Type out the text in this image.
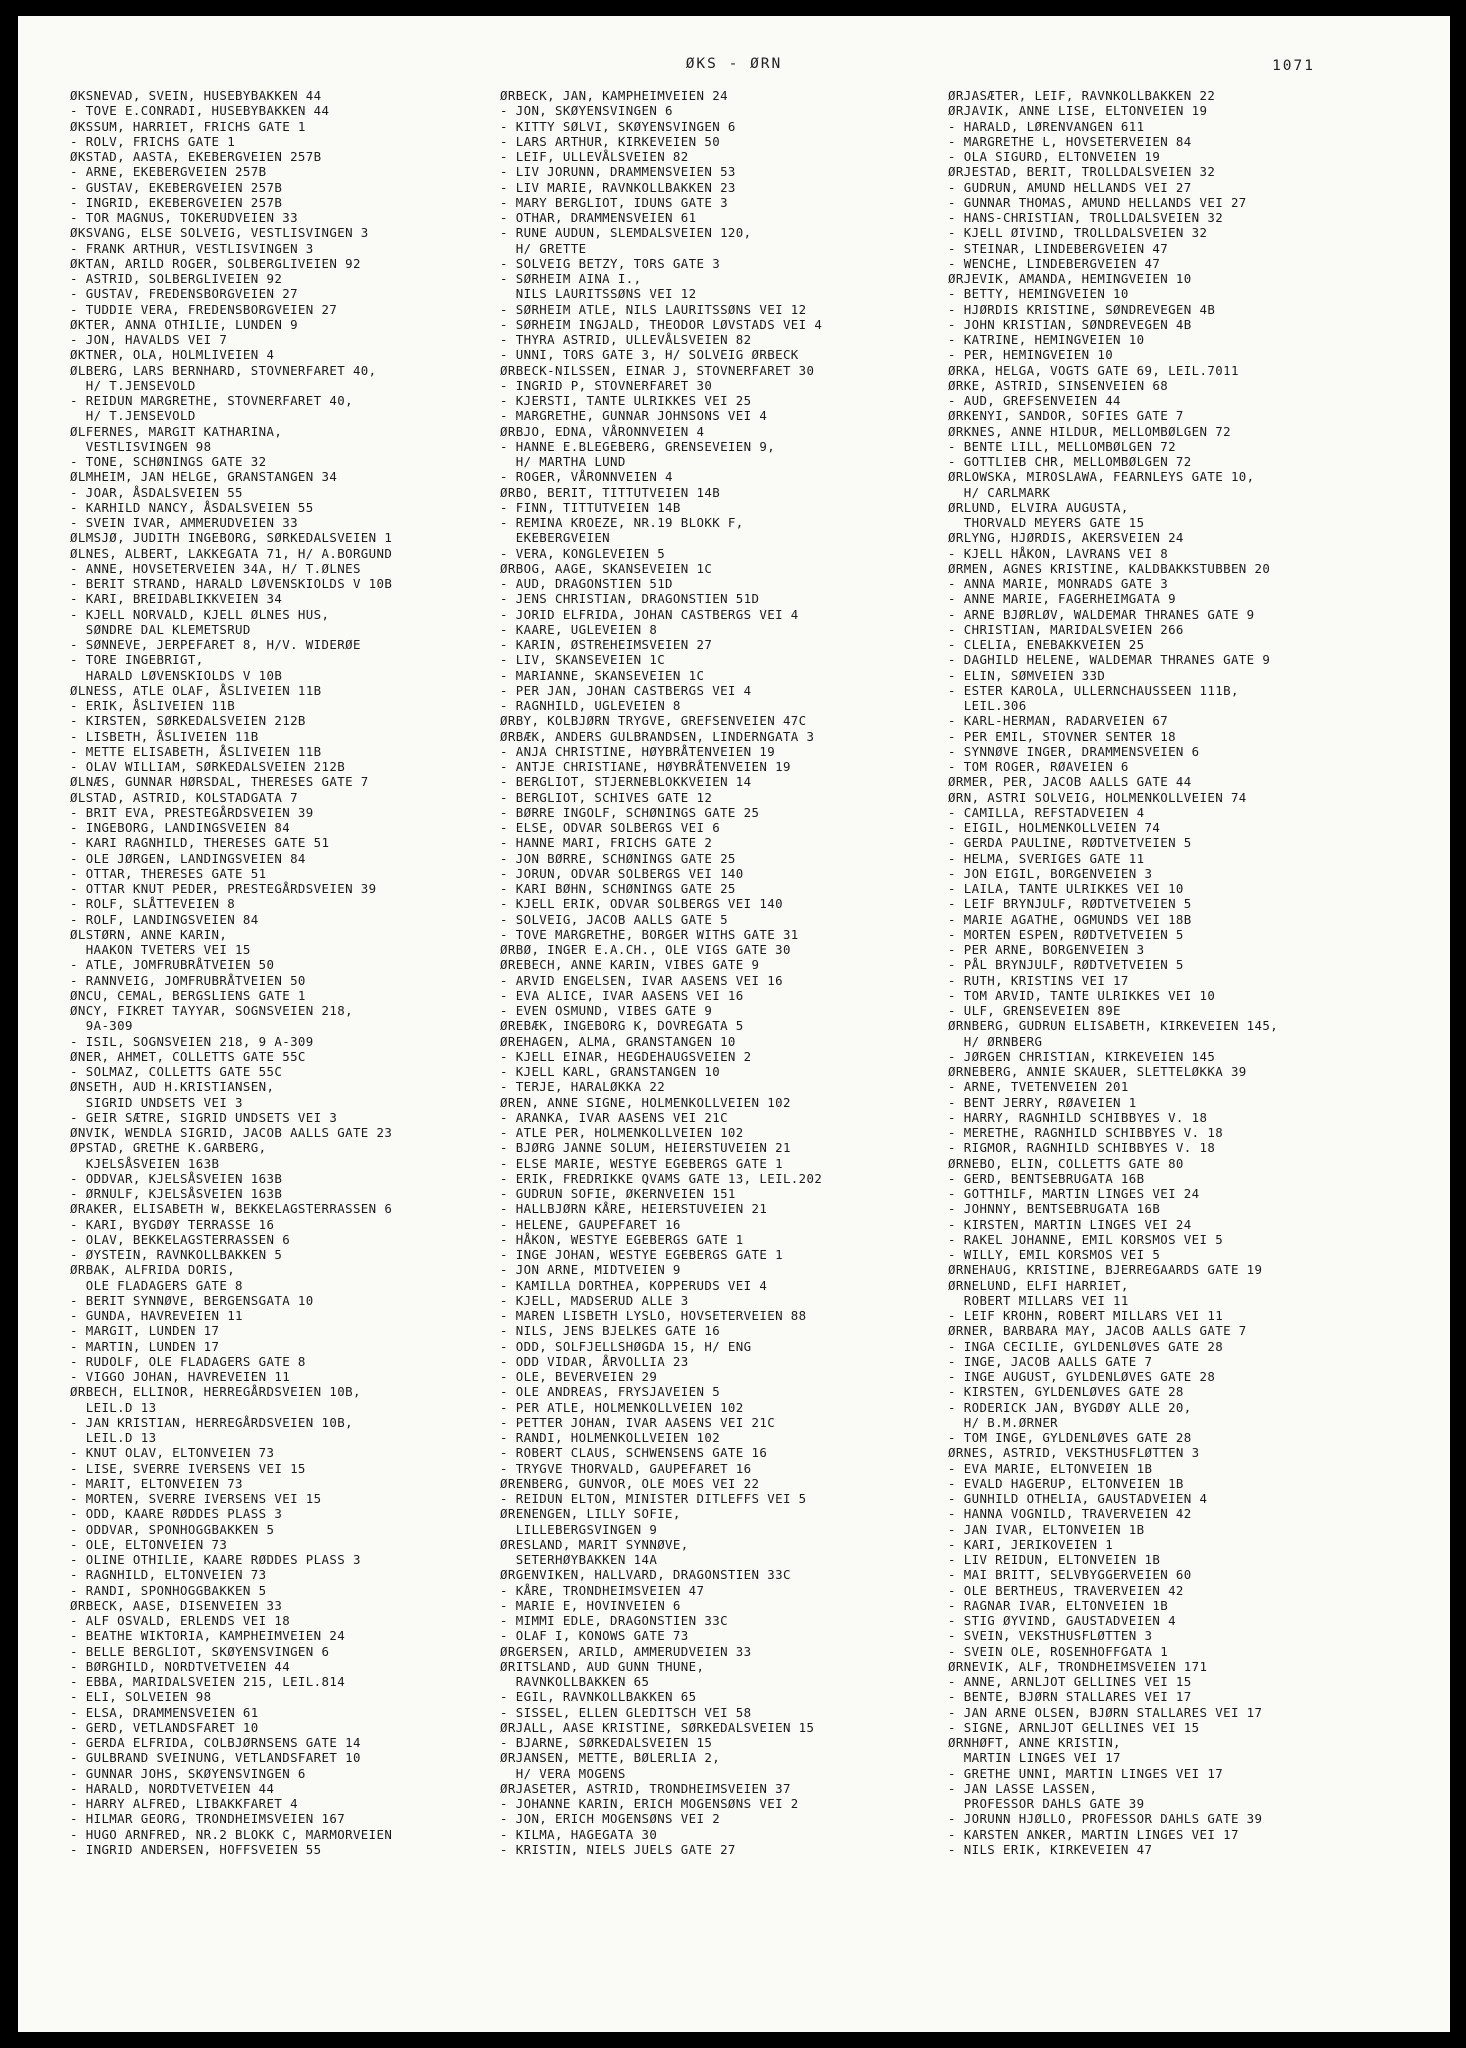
ØKS - ØRN	1071
ØKSNEVAD, SVEIN, HUSEBYBAKKEN 44
- TOVE E.CONRADI, HUSEBYBAKKEN 44
ØKSSUM, HARRIET, FRICHS GATE 1
- ROLV, FRICHS GATE 1
ØKSTAD, AASTA, EKEBERGVEIEN 257B
- ARNE, EKEBERGVEIEN 257B
- GUSTAV, EKEBERGVEIEN 257B
- INGRID, EKEBERGVEIEN 257B
- TOR MAGNUS, TOKERUDVEIEN 33
ØKSVANG, ELSE SOLVEIG, VESTLISVINGEN 3
- FRANK ARTHUR, VESTLISVINGEN 3
ØKTAN, ARILD ROGER, SOLBERGLIVEIEN 92
- ASTRID, SOLBERGLIVEIEN 92
- GUSTAV, FREDENSBORGVEIEN 27
- TUDDIE VERA, FREDENSBORGVEIEN 27
ØKTER, ANNA OTHILIE, LUNDEN 9
- JON, HAVALDS VEI 7
ØKTNER, OLA, HOLMLIVEIEN 4
ØLBERG, LARS BERNHARD, STOVNERFARET 40,
H/ T.JENSEVOLD
- REIDUN MARGRETHE, STOVNERFARET 40,
H/ T.JENSEVOLD
ØLFERNES, MARGIT KATHARINA,
VESTLISVINGEN 98
- TONE, SCHØNINGS GATE 32
ØLMHEIM, JAN HELGE, GRANSTANGEN 34
- JOAR, ÅSDALSVEIEN 55
- KARHILD NANCY, ÅSDALSVEIEN 55
- SVEIN IVAR, AMMERUDVEIEN 33
ØLMSJØ, JUDITH INGEBORG, SØRKEDALSVEIEN 1
ØLNES, ALBERT, LAKKEGATA 71, H/ A.BORGUND
- ANNE, HOVSETERVEIEN 34A, H/ T.ØLNES
- BERIT STRAND, HARALD LØVENSKIOLDS V 10B
- KARI, BREIDABLIKKVEIEN 34
- KJELL NORVALD, KJELL ØLNES HUS,
SØNDRE DAL KLEMETSRUD
- SØNNEVE, JERPEFARET 8, H/V. WIDERØE
- TORE INGEBRIGT,
HARALD LØVENSKIOLDS V 10B
ØLNESS, ATLE OLAF, ÅSLIVEIEN 11B
- ERIK, ÅSLIVEIEN 11B
- KIRSTEN, SØRKEDALSVEIEN 212B
- LISBETH, ÅSLIVEIEN 11B
- METTE ELISABETH, ÅSLIVEIEN 11B
- OLAV WILLIAM, SØRKEDALSVEIEN 212B
ØLNÆS, GUNNAR HØRSDAL, THERESES GATE 7
ØLSTAD, ASTRID, KOLSTADGATA 7
- BRIT EVA, PRESTEGÅRDSVEIEN 39
- INGEBORG, LANDINGSVEIEN 84
- KARI RAGNHILD, THERESES GATE 51
- OLE JØRGEN, LANDINGSVEIEN 84
- OTTAR, THERESES GATE 51
- OTTAR KNUT PEDER, PRESTEGÅRDSVEIEN 39
- ROLF, SLÅTTEVEIEN 8
- ROLF, LANDINGSVEIEN 84
ØLSTØRN, ANNE KARIN,
HAAKON TVETERS VEI 15
- ATLE, JOMFRUBRÅTVEIEN 50
- RANNVEIG, JOMFRUBRÅTVEIEN 50
ØNCU, CEMAL, BERGSLIENS GATE 1
ØNCY, FIKRET TAYYAR, SOGNSVEIEN 218,
9A-309
- ISIL, SOGNSVEIEN 218, 9 A-309
ØNER, AHMET, COLLETTS GATE 55C
- SOLMAZ, COLLETTS GATE 55C
ØNSETH, AUD H.KRISTIANSEN,
SIGRID UNDSETS VEI 3
- GEIR SÆTRE, SIGRID UNDSETS VEI 3
ØNVIK, WENDLA SIGRID, JACOB AALLS GATE 23
ØPSTAD, GRETHE K.GARBERG,
KJELSÅSVEIEN 163B
- ODDVAR, KJELSÅSVEIEN 163B
- ØRNULF, KJELSÅSVEIEN 163B
ØRAKER, ELISABETH W, BEKKELAGSTERRASSEN 6
- KARI, BYGDØY TERRASSE 16
- OLAV, BEKKELAGSTERRASSEN 6
- ØYSTEIN, RAVNKOLLBAKKEN 5
ØRBAK, ALFRIDA DORIS,
OLE FLADAGERS GATE 8
- BERIT SYNNØVE, BERGENSGATA 10
- GUNDA, HAVREVEIEN 11
- MARGIT, LUNDEN 17
- MARTIN, LUNDEN 17
- RUDOLF, OLE FLADAGERS GATE 8
- VIGGO JOHAN, HAVREVEIEN 11
ØRBECH, ELLINOR, HERREGÅRDSVEIEN 10B,
LEIL.D 13
- JAN KRISTIAN, HERREGÅRDSVEIEN 10B,
LEIL.D 13
- KNUT OLAV, ELTONVEIEN 73
- LISE, SVERRE IVERSENS VEI 15
- MARIT, ELTONVEIEN 73
- MORTEN, SVERRE IVERSENS VEI 15
- ODD, KAARE RØDDES PLASS 3
- ODDVAR, SPONHOGGBAKKEN 5
- OLE, ELTONVEIEN 73
- OLINE OTHILIE, KAARE RØDDES PLASS 3
- RAGNHILD, ELTONVEIEN 73
- RANDI, SPONHOGGBAKKEN 5
ØRBECK, AASE, DISENVEIEN 33
- ALF OSVALD, ERLENDS VEI 18
- BEATHE WIKTORIA, KAMPHEIMVEIEN 24
- BELLE BERGLIOT, SKØYENSVINGEN 6
- BØRGHILD, NORDTVETVEIEN 44
- EBBA, MARIDALSVEIEN 215, LEIL.814
- ELI, SOLVEIEN 98
- ELSA, DRAMMENSVEIEN 61
- GERD, VETLANDSFARET 10
- GERDA ELFRIDA, COLBJØRNSENS GATE 14
- GULBRAND SVEINUNG, VETLANDSFARET 10
- GUNNAR JOHS, SKØYENSVINGEN 6
- HARALD, NORDTVETVEIEN 44
- HARRY ALFRED, LIBAKKFARET 4
- HILMAR GEORG, TRONDHEIMSVEIEN 167
- HUGO ARNFRED, NR.2 BLOKK C, MARMORVEIEN
- INGRID ANDERSEN, HOFFSVEIEN 55
ØRBECK, JAN, KAMPHEIMVEIEN 24
- JON, SKØYENSVINGEN 6
- KITTY SØLVI, SKØYENSVINGEN 6
- LARS ARTHUR, KIRKEVEIEN 50
- LEIF, ULLEVÅLSVEIEN 82
- LIV JORUNN, DRAMMENSVEIEN 53
- LIV MARIE, RAVNKOLLBAKKEN 23
- MARY BERGLIOT, IDUNS GATE 3
- OTHAR, DRAMMENSVEIEN 61
- RUNE AUDUN, SLEMDALSVEIEN 120,
H/ GRETTE
- SOLVEIG BETZY, TORS GATE 3
- SØRHEIM AINA I.,
NILS LAURITSSØNS VEI 12
- SØRHEIM ATLE, NILS LAURITSSØNS VEI 12
- SØRHEIM INGJALD, THEODOR LØVSTADS VEI 4
- THYRA ASTRID, ULLEVÅLSVEIEN 82
- UNNI, TORS GATE 3, H/ SOLVEIG ØRBECK
ØRBECK-NILSSEN, EINAR J, STOVNERFARET 30
- INGRID P, STOVNERFARET 30
- KJERSTI, TANTE ULRIKKES VEI 25
- MARGRETHE, GUNNAR JOHNSONS VEI 4
ØRBJO, EDNA, VÅRONNVEIEN 4
- HANNE E.BLEGEBERG, GRENSEVEIEN 9,
H/ MARTHA LUND
- ROGER, VÅRONNVEIEN 4
ØRBO, BERIT, TITTUTVEIEN 14B
- FINN, TITTUTVEIEN 14B
- REMINA KROEZE, NR.19 BLOKK F,
EKEBERGVEIEN
- VERA, KONGLEVEIEN 5
ØRBOG, AAGE, SKANSEVEIEN 1C
- AUD, DRAGONSTIEN 51D
- JENS CHRISTIAN, DRAGONSTIEN 51D
- JORID ELFRIDA, JOHAN CASTBERGS VEI 4
- KAARE, UGLEVEIEN 8
- KARIN, ØSTREHEIMSVEIEN 27
- LIV, SKANSEVEIEN 1C
- MARIANNE, SKANSEVEIEN 1C
- PER JAN, JOHAN CASTBERGS VEI 4
- RAGNHILD, UGLEVEIEN 8
ØRBY, KOLBJØRN TRYGVE, GREFSENVEIEN 47C
ØRBÆK, ANDERS GULBRANDSEN, LINDERNGATA 3
- ANJA CHRISTINE, HØYBRÅTENVEIEN 19
- ANTJE CHRISTIANE, HØYBRÅTENVEIEN 19
- BERGLIOT, STJERNEBLOKKVEIEN 14
- BERGLIOT, SCHIVES GATE 12
- BØRRE INGOLF, SCHØNINGS GATE 25
- ELSE, ODVAR SOLBERGS VEI 6
- HANNE MARI, FRICHS GATE 2
- JON BØRRE, SCHØNINGS GATE 25
- JORUN, ODVAR SOLBERGS VEI 140
- KARI BØHN, SCHØNINGS GATE 25
- KJELL ERIK, ODVAR SOLBERGS VEI 140
- SOLVEIG, JACOB AALLS GATE 5
- TOVE MARGRETHE, BORGER WITHS GATE 31
ØRBØ, INGER E.A.CH., OLE VIGS GATE 30
ØREBECH, ANNE KARIN, VIBES GATE 9
- ARVID ENGELSEN, IVAR AASENS VEI 16
- EVA ALICE, IVAR AASENS VEI 16
- EVEN OSMUND, VIBES GATE 9
ØREBÆK, INGEBORG K, DOVREGATA 5
ØREHAGEN, ALMA, GRANSTANGEN 10
- KJELL EINAR, HEGDEHAUGSVEIEN 2
- KJELL KARL, GRANSTANGEN 10
- TERJE, HARALØKKA 22
ØREN, ANNE SIGNE, HOLMENKOLLVEIEN 102
- ARANKA, IVAR AASENS VEI 21C
- ATLE PER, HOLMENKOLLVEIEN 102
- BJØRG JANNE SOLUM, HEIERSTUVEIEN 21
- ELSE MARIE, WESTYE EGEBERGS GATE 1
- ERIK, FREDRIKKE QVAMS GATE 13, LEIL.202
- GUDRUN SOFIE, ØKERNVEIEN 151
- HALLBJØRN KÅRE, HEIERSTUVEIEN 21
- HELENE, GAUPEFARET 16
- HÅKON, WESTYE EGEBERGS GATE 1
- INGE JOHAN, WESTYE EGEBERGS GATE 1
- JON ARNE, MIDTVEIEN 9
- KAMILLA DORTHEA, KOPPERUDS VEI 4
- KJELL, MADSERUD ALLE 3
- MAREN LISBETH LYSLO, HOVSETERVEIEN 88
- NILS, JENS BJELKES GATE 16
- ODD, SOLFJELLSHØGDA 15, H/ ENG
- ODD VIDAR, ÅRVOLLIA 23
- OLE, BEVERVEIEN 29
- OLE ANDREAS, FRYSJAVEIEN 5
- PER ATLE, HOLMENKOLLVEIEN 102
- PETTER JOHAN, IVAR AASENS VEI 21C
- RANDI, HOLMENKOLLVEIEN 102
- ROBERT CLAUS, SCHWENSENS GATE 16
- TRYGVE THORVALD, GAUPEFARET 16
ØRENBERG, GUNVOR, OLE MOES VEI 22
- REIDUN ELTON, MINISTER DITLEFFS VEI 5
ØRENENGEN, LILLY SOFIE,
LILLEBERGSVINGEN 9
ØRESLAND, MARIT SYNNØVE,
SETERHØYBAKKEN 14A
ØRGENVIKEN, HALLVARD, DRAGONSTIEN 33C
- KÅRE, TRONDHEIMSVEIEN 47
- MARIE E, HOVINVEIEN 6
- MIMMI EDLE, DRAGONSTIEN 33C
- OLAF I, KONOWS GATE 73
ØRGERSEN, ARILD, AMMERUDVEIEN 33
ØRITSLAND, AUD GUNN THUNE,
RAVNKOLLBAKKEN 65
- EGIL, RAVNKOLLBAKKEN 65
- SISSEL, ELLEN GLEDITSCH VEI 58
ØRJALL, AASE KRISTINE, SØRKEDALSVEIEN 15
- BJARNE, SØRKEDALSVEIEN 15
ØRJANSEN, METTE, BØLERLIA 2,
H/ VERA MOGENS
ØRJASETER, ASTRID, TRONDHEIMSVEIEN 37
- JOHANNE KARIN, ERICH MOGENSØNS VEI 2
- JON, ERICH MOGENSØNS VEI 2
- KILMA, HAGEGATA 30
- KRISTIN, NIELS JUELS GATE 27
ØRJASÆTER, LEIF, RAVNKOLLBAKKEN 22
ØRJAVIK, ANNE LISE, ELTONVEIEN 19
- HARALD, LØRENVANGEN 611
- MARGRETHE L, HOVSETERVEIEN 84
- OLA SIGURD, ELTONVEIEN 19
ØRJESTAD, BERIT, TROLLDALSVEIEN 32
- GUDRUN, AMUND HELLANDS VEI 27
- GUNNAR THOMAS, AMUND HELLANDS VEI 27
- HANS-CHRISTIAN, TROLLDALSVEIEN 32
- KJELL ØIVIND, TROLLDALSVEIEN 32
- STEINAR, LINDEBERGVEIEN 47
- WENCHE, LINDEBERGVEIEN 47
ØRJEVIK, AMANDA, HEMINGVEIEN 10
- BETTY, HEMINGVEIEN 10
- HJØRDIS KRISTINE, SØNDREVEGEN 4B
- JOHN KRISTIAN, SØNDREVEGEN 4B
- KATRINE, HEMINGVEIEN 10
- PER, HEMINGVEIEN 10
ØRKA, HELGA, VOGTS GATE 69, LEIL.7011
ØRKE, ASTRID, SINSENVEIEN 68
- AUD, GREFSENVEIEN 44
ØRKENYI, SANDOR, SOFIES GATE 7
ØRKNES, ANNE HILDUR, MELLOMBØLGEN 72
- BENTE LILL, MELLOMBØLGEN 72
- GOTTLIEB CHR, MELLOMBØLGEN 72
ØRLOWSKA, MIROSLAWA, FEARNLEYS GATE 10,
H/ CARLMARK
ØRLUND, ELVIRA AUGUSTA,
THORVALD MEYERS GATE 15
ØRLYNG, HJØRDIS, AKERSVEIEN 24
- KJELL HÅKON, LAVRANS VEI 8
ØRMEN, AGNES KRISTINE, KALDBAKKSTUBBEN 20
- ANNA MARIE, MONRADS GATE 3
- ANNE MARIE, FAGERHEIMGATA 9
- ARNE BJØRLØV, WALDEMAR THRANES GATE 9
- CHRISTIAN, MARIDALSVEIEN 266
- CLELIA, ENEBAKKVEIEN 25
- DAGHILD HELENE, WALDEMAR THRANES GATE 9
- ELIN, SØMVEIEN 33D
- ESTER KAROLA, ULLERNCHAUSSEEN 111B,
LEIL.306
- KARL-HERMAN, RADARVEIEN 67
- PER EMIL, STOVNER SENTER 18
- SYNNØVE INGER, DRAMMENSVEIEN 6
- TOM ROGER, RØAVEIEN 6
ØRMER, PER, JACOB AALLS GATE 44
ØRN, ASTRI SOLVEIG, HOLMENKOLLVEIEN 74
- CAMILLA, REFSTADVEIEN 4
- EIGIL, HOLMENKOLLVEIEN 74
- GERDA PAULINE, RØDTVETVEIEN 5
- HELMA, SVERIGES GATE 11
- JON EIGIL, BORGENVEIEN 3
- LAILA, TANTE ULRIKKES VEI 10
- LEIF BRYNJULF, RØDTVETVEIEN 5
- MARIE AGATHE, OGMUNDS VEI 18B
- MORTEN ESPEN, RØDTVETVEIEN 5
- PER ARNE, BORGENVEIEN 3
- PÅL BRYNJULF, RØDTVETVEIEN 5
- RUTH, KRISTINS VEI 17
- TOM ARVID, TANTE ULRIKKES VEI 10
- ULF, GRENSEVEIEN 89E
ØRNBERG, GUDRUN ELISABETH, KIRKEVEIEN 145,
H/ ØRNBERG
- JØRGEN CHRISTIAN, KIRKEVEIEN 145
ØRNEBERG, ANNIE SKAUER, SLETTELØKKA 39
- ARNE, TVETENVEIEN 201
- BENT JERRY, RØAVEIEN 1
- HARRY, RAGNHILD SCHIBBYES V. 18
- MERETHE, RAGNHILD SCHIBBYES V. 18
- RIGMOR, RAGNHILD SCHIBBYES V. 18
ØRNEBO, ELIN, COLLETTS GATE 80
- GERD, BENTSEBRUGATA 16B
- GOTTHILF, MARTIN LINGES VEI 24
- JOHNNY, BENTSEBRUGATA 16B
- KIRSTEN, MARTIN LINGES VEI 24
- RAKEL JOHANNE, EMIL KORSMOS VEI 5
- WILLY, EMIL KORSMOS VEI 5
ØRNEHAUG, KRISTINE, BJERREGAARDS GATE 19
ØRNELUND, ELFI HARRIET,
ROBERT MILLARS VEI 11
- LEIF KROHN, ROBERT MILLARS VEI 11
ØRNER, BARBARA MAY, JACOB AALLS GATE 7
- INGA CECILIE, GYLDENLØVES GATE 28
- INGE, JACOB AALLS GATE 7
- INGE AUGUST, GYLDENLØVES GATE 28
- KIRSTEN, GYLDENLØVES GATE 28
- RODERICK JAN, BYGDØY ALLE 20,
H/ B.M.ØRNER
- TOM INGE, GYLDENLØVES GATE 28
ØRNES, ASTRID, VEKSTHUSFLØTTEN 3
- EVA MARIE, ELTONVEIEN 1B
- EVALD HAGERUP, ELTONVEIEN 1B
- GUNHILD OTHELIA, GAUSTADVEIEN 4
- HANNA VOGNILD, TRAVERVEIEN 42
- JAN IVAR, ELTONVEIEN 1B
- KARI, JERIKOVEIEN 1
- LIV REIDUN, ELTONVEIEN 1B
- MAI BRITT, SELVBYGGERVEIEN 60
- OLE BERTHEUS, TRAVERVEIEN 42
- RAGNAR IVAR, ELTONVEIEN 1B
- STIG ØYVIND, GAUSTADVEIEN 4
- SVEIN, VEKSTHUSFLØTTEN 3
- SVEIN OLE, ROSENHOFFGATA 1
ØRNEVIK, ALF, TRONDHEIMSVEIEN 171
- ANNE, ARNLJOT GELLINES VEI 15
- BENTE, BJØRN STALLARES VEI 17
- JAN ARNE OLSEN, BJØRN STALLARES VEI 17
- SIGNE, ARNLJOT GELLINES VEI 15
ØRNHØFT, ANNE KRISTIN,
MARTIN LINGES VEI 17
- GRETHE UNNI, MARTIN LINGES VEI 17
- JAN LASSE LASSEN,
PROFESSOR DAHLS GATE 39
- JORUNN HJØLLO, PROFESSOR DAHLS GATE 39
- KARSTEN ANKER, MARTIN LINGES VEI 17
- NILS ERIK, KIRKEVEIEN 47
